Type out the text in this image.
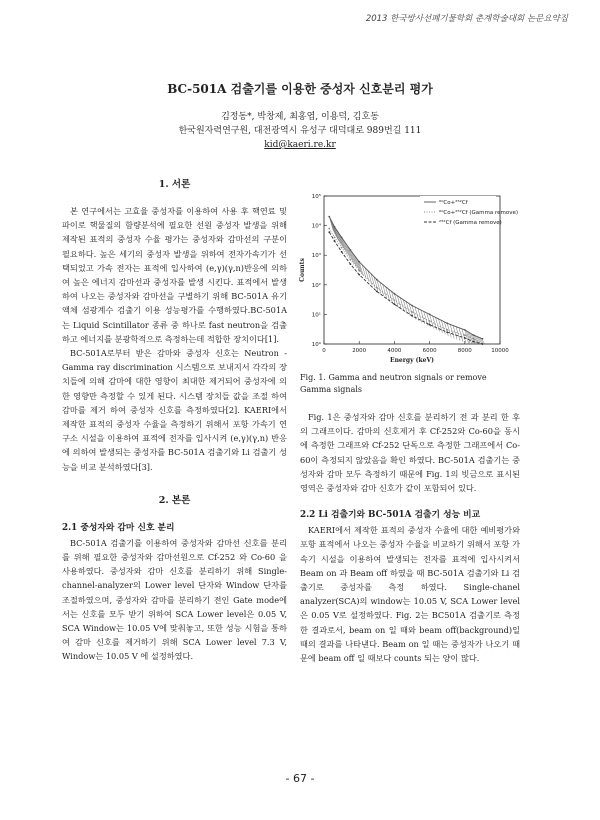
2013 한국방사선폐기물학회 춘계학술대회 논문요약집
BC-501A 검출기를 이용한 중성자 신호분리 평가
김정동*, 박창제, 최홍엽, 이용덕, 김호동
한국원자력연구원, 대전광역시 유성구 대덕대로 989번길 111
kid@kaeri.re.kr
1. 서론

본 연구에서는 고효율 중성자를 이용하여 사용 후 핵연료 및 파이로 핵물질의 함량분석에 필요한 선원 중성자 발생을 위해 제작된 표적의 중성자 수율 평가는 중성자와 감마선의 구분이 필요하다. 높은 세기의 중성자 발생을 위하여 전자가속기가 선택되었고 가속 전자는 표적에 입사하여 (e,γ)(γ,n)반응에 의하여 높은 에너지 감마선과 중성자를 발생 시킨다. 표적에서 발생하여 나오는 중성자와 감마선을 구별하기 위해 BC-501A 유기 액체 섬광계수 검출기 이용 성능평가를 수행하였다.BC-501A는 Liquid Scintillator 종류 중 하나로 fast neutron을 검출하고 에너지를 분광학적으로 측정하는데 적합한 장치이다[1].

BC-501A로부터 받은 감마와 중성자 신호는 Neutron -Gamma ray discrimination 시스템으로 보내지서 각각의 장치들에 의해 감마에 대한 영향이 최대한 제거되어 중성자에 의한 영향만 측정할 수 있게 된다. 시스템 장치들 값을 조절 하여 감마를 제거 하여 중성자 신호를 측정하였다[2]. KAERI에서 제작한 표적의 중성자 수율을 측정하기 위해서 포항 가속기 연구소 시설을 이용하여 표적에 전자를 입사시켜 (e,γ)(γ,n) 반응에 의하여 발생되는 중성자를 BC-501A 검출기와 Li 검출기 성능을 비교 분석하였다[3].

2. 본론
2.1 중성자와 감마 신호 분리

BC-501A 검출기를 이용하여 중성자와 감마선 신호를 분리를 위해 필요한 중성자와 감마선원으로 Cf-252 와 Co-60 을 사용하였다. 중성자와 감마 신호를 분리하기 위해 Single-channel-analyzer의 Lower level 단자와 Window 단자를 조절하였으며, 중성자와 감마를 분리하기 전인 Gate mode에서는 신호를 모두 받기 위하여 SCA Lower level은 0.05 V, SCA Window는 10.05 V에 맞춰놓고, 또한 성능 시험을 통하여 감마 신호를 제거하기 위해 SCA Lower level 7.3 V, Window는 10.05 V 에 설정하였다.

0	2000	4000	6000	8000	10000
10⁰
10¹
10²
10³
10⁴
10⁵
Energy (keV)
Counts
⁶⁰Co+²⁵²Cf
⁶⁰Co+²⁵²Cf (Gamma remove)
²⁵²Cf (Gamma remove)
Fig. 1. Gamma and neutron signals or remove Gamma signals

Fig. 1은 중성자와 감마 신호를 분리하기 전 과 분리 한 후의 그래프이다. 감마의 신호제거 후 Cf-252와 Co-60을 동시에 측정한 그래프와 Cf-252 단독으로 측정한 그래프에서 Co-60이 측정되지 않았음을 확인 하였다. BC-501A 검출기는 중성자와 감마 모두 측정하기 때문에 Fig. 1의 빗금으로 표시된 영역은 중성자와 감마 신호가 같이 포함되어 있다.

2.2 Li 검출기와 BC-501A 검출기 성능 비교

KAERI에서 제작한 표적의 중성자 수율에 대한 예비평가와 포항 표적에서 나오는 중성자 수율을 비교하기 위해서 포항 가속기 시설을 이용하여 발생되는 전자를 표적에 입사시켜서 Beam on 과 Beam off 하였을 때 BC-501A 검출기와 Li 검출기로 중성자를 측정 하였다. Single-chanel analyzer(SCA)의 window는 10.05 V, SCA Lower level은 0.05 V로 설정하였다. Fig. 2는 BC501A 검출기로 측정한 결과로서, beam on 일 때와 beam off(background)일 때의 결과를 나타낸다. Beam on 일 때는 중성자가 나오기 때문에 beam off 일 때보다 counts 되는 양이 많다.

- 67 -
